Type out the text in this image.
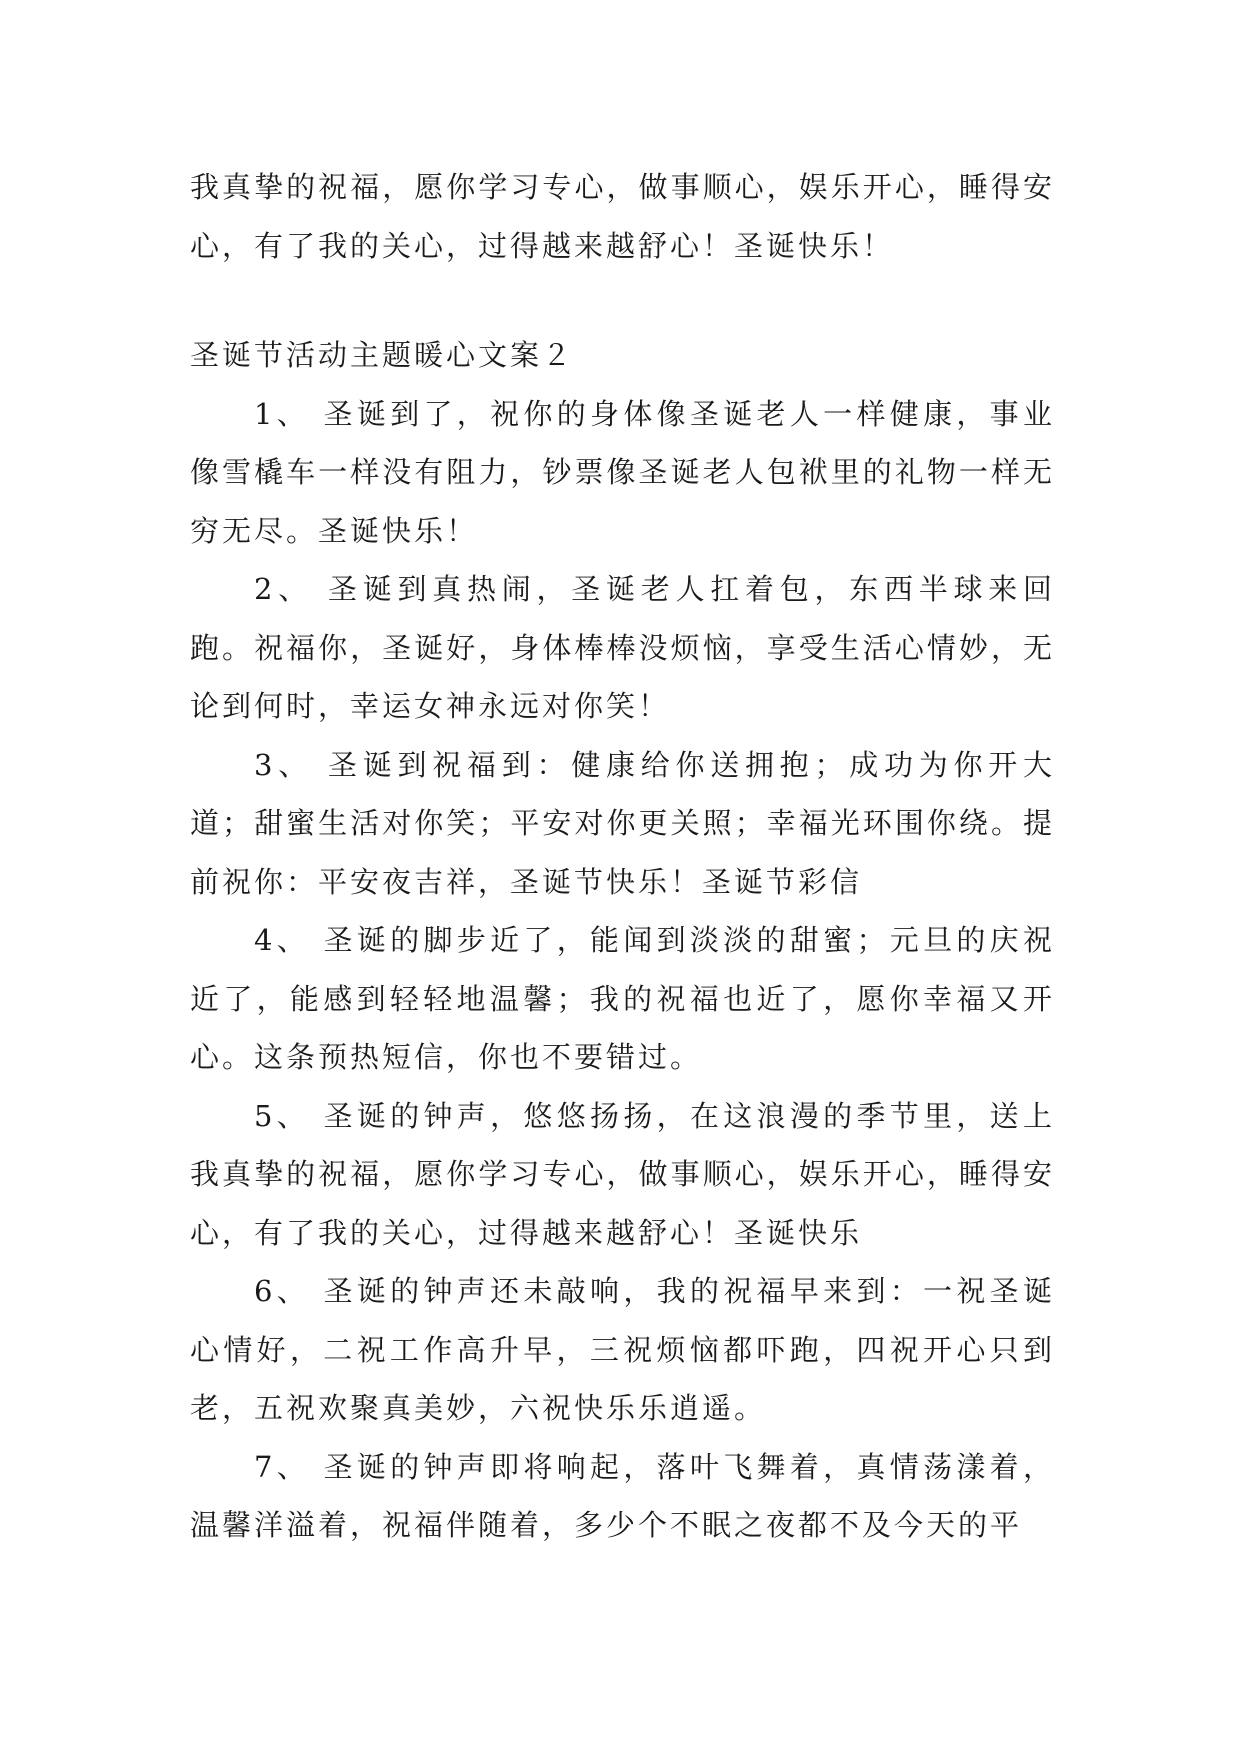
我真挚的祝福，愿你学习专心，做事顺心，娱乐开心，睡得安心，有了我的关心，过得越来越舒心！圣诞快乐！

圣诞节活动主题暖心文案２

1、 圣诞到了，祝你的身体像圣诞老人一样健康，事业像雪橇车一样没有阻力，钞票像圣诞老人包袱里的礼物一样无穷无尽。圣诞快乐！

2、 圣诞到真热闹，圣诞老人扛着包，东西半球来回跑。祝福你，圣诞好，身体棒棒没烦恼，享受生活心情妙，无论到何时，幸运女神永远对你笑！

3、 圣诞到祝福到：健康给你送拥抱；成功为你开大道；甜蜜生活对你笑；平安对你更关照；幸福光环围你绕。提前祝你：平安夜吉祥，圣诞节快乐！圣诞节彩信

4、 圣诞的脚步近了，能闻到淡淡的甜蜜；元旦的庆祝近了，能感到轻轻地温馨；我的祝福也近了，愿你幸福又开心。这条预热短信，你也不要错过。

5、 圣诞的钟声，悠悠扬扬，在这浪漫的季节里，送上我真挚的祝福，愿你学习专心，做事顺心，娱乐开心，睡得安心，有了我的关心，过得越来越舒心！圣诞快乐

6、 圣诞的钟声还未敲响，我的祝福早来到：一祝圣诞心情好，二祝工作高升早，三祝烦恼都吓跑，四祝开心只到老，五祝欢聚真美妙，六祝快乐乐逍遥。

7、 圣诞的钟声即将响起，落叶飞舞着，真情荡漾着，温馨洋溢着，祝福伴随着，多少个不眠之夜都不及今天的平
